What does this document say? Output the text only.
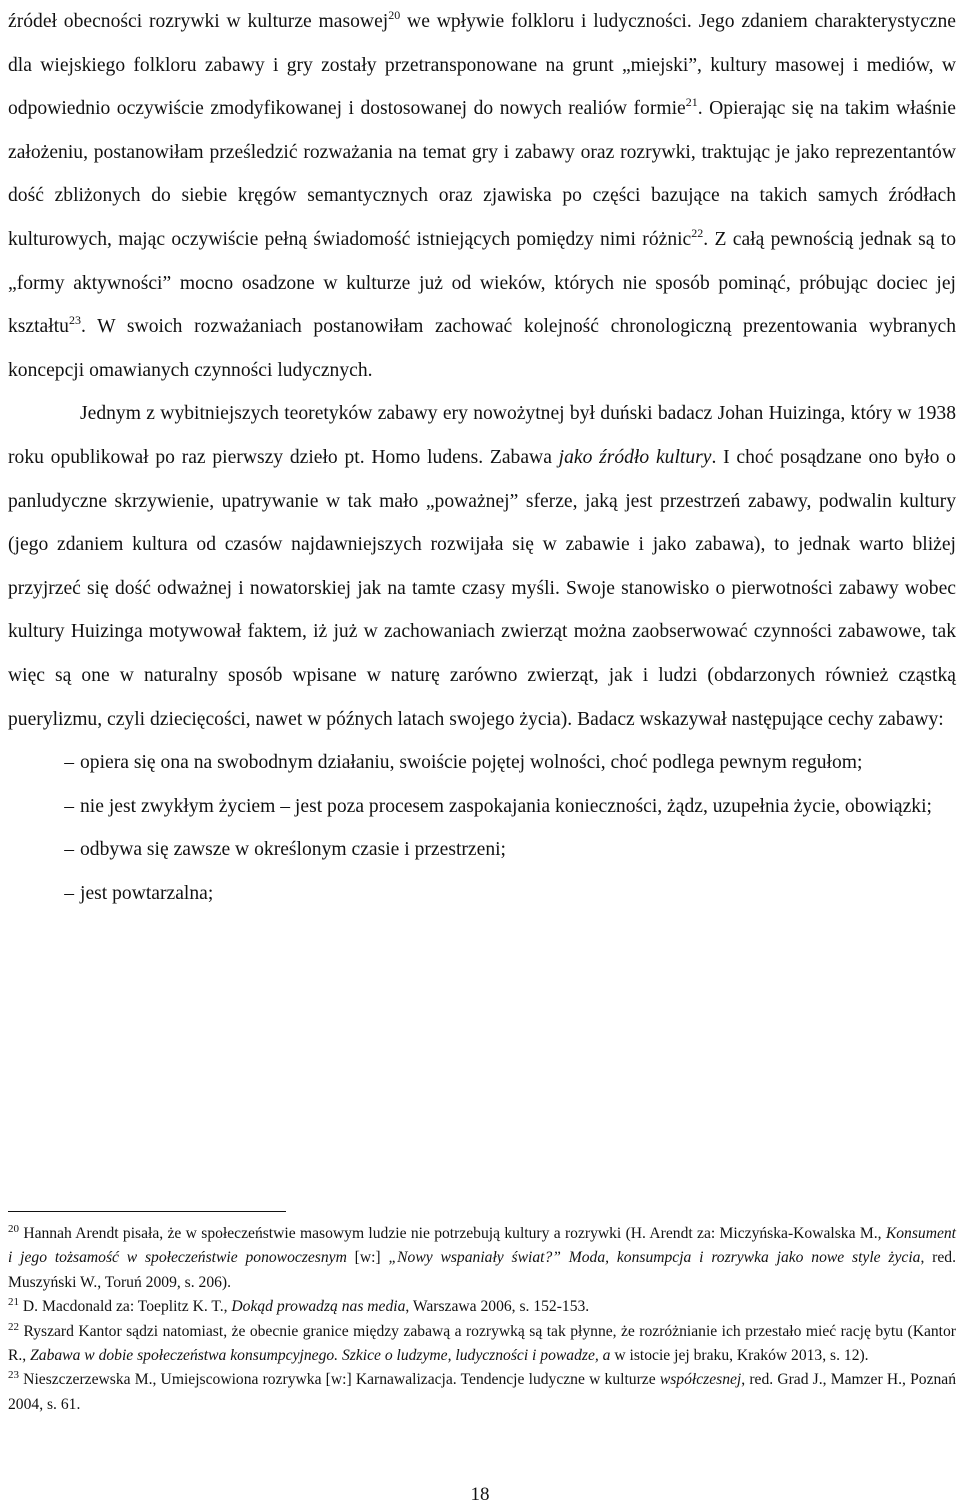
źródeł obecności rozrywki w kulturze masowej$^{20}$ we wpływie folkloru i ludyczności. Jego zdaniem charakterystyczne dla wiejskiego folkloru zabawy i gry zostały przetransponowane na grunt „miejski”, kultury masowej i mediów, w odpowiednio oczywiście zmodyfikowanej i dostosowanej do nowych realiów formie$^{21}$. Opierając się na takim właśnie założeniu, postanowiłam prześledzić rozważania na temat gry i zabawy oraz rozrywki, traktując je jako reprezentantów dość zbliżonych do siebie kręgów semantycznych oraz zjawiska po części bazujące na takich samych źródłach kulturowych, mając oczywiście pełną świadomość istniejących pomiędzy nimi różnic$^{22}$. Z całą pewnością jednak są to „formy aktywności” mocno osadzone w kulturze już od wieków, których nie sposób pominąć, próbując dociec jej kształtu$^{23}$. W swoich rozważaniach postanowiłam zachować kolejność chronologiczną prezentowania wybranych koncepcji omawianych czynności ludycznych.

Jednym z wybitniejszych teoretyków zabawy ery nowożytnej był duński badacz Johan Huizinga, który w 1938 roku opublikował po raz pierwszy dzieło pt. Homo ludens. Zabawa jako źródło kultury. I choć posądzane ono było o panludyczne skrzywienie, upatrywanie w tak mało „poważnej” sferze, jaką jest przestrzeń zabawy, podwalin kultury (jego zdaniem kultura od czasów najdawniejszych rozwijała się w zabawie i jako zabawa), to jednak warto bliżej przyjrzeć się dość odważnej i nowatorskiej jak na tamte czasy myśli. Swoje stanowisko o pierwotności zabawy wobec kultury Huizinga motywował faktem, iż już w zachowaniach zwierząt można zaobserwować czynności zabawowe, tak więc są one w naturalny sposób wpisane w naturę zarówno zwierząt, jak i ludzi (obdarzonych również cząstką puerylizmu, czyli dziecięcości, nawet w późnych latach swojego życia). Badacz wskazywał następujące cechy zabawy:

– opiera się ona na swobodnym działaniu, swoiście pojętej wolności, choć podlega pewnym regułom;
– nie jest zwykłym życiem – jest poza procesem zaspokajania konieczności, żądz, uzupełnia życie, obowiązki;
– odbywa się zawsze w określonym czasie i przestrzeni;
– jest powtarzalna;

$^{20}$ Hannah Arendt pisała, że w społeczeństwie masowym ludzie nie potrzebują kultury a rozrywki (H. Arendt za: Miczyńska-Kowalska M., Konsument i jego tożsamość w społeczeństwie ponowoczesnym [w:] „Nowy wspaniały świat?” Moda, konsumpcja i rozrywka jako nowe style życia, red. Muszyński W., Toruń 2009, s. 206).

$^{21}$ D. Macdonald za: Toeplitz K. T., Dokąd prowadzą nas media, Warszawa 2006, s. 152-153.

$^{22}$ Ryszard Kantor sądzi natomiast, że obecnie granice między zabawą a rozrywką są tak płynne, że rozróżnianie ich przestało mieć rację bytu (Kantor R., Zabawa w dobie społeczeństwa konsumpcyjnego. Szkice o ludzyme, ludyczności i powadze, a w istocie jej braku, Kraków 2013, s. 12).

$^{23}$ Nieszczerzewska M., Umiejscowiona rozrywka [w:] Karnawalizacja. Tendencje ludyczne w kulturze współczesnej, red. Grad J., Mamzer H., Poznań 2004, s. 61.

18
